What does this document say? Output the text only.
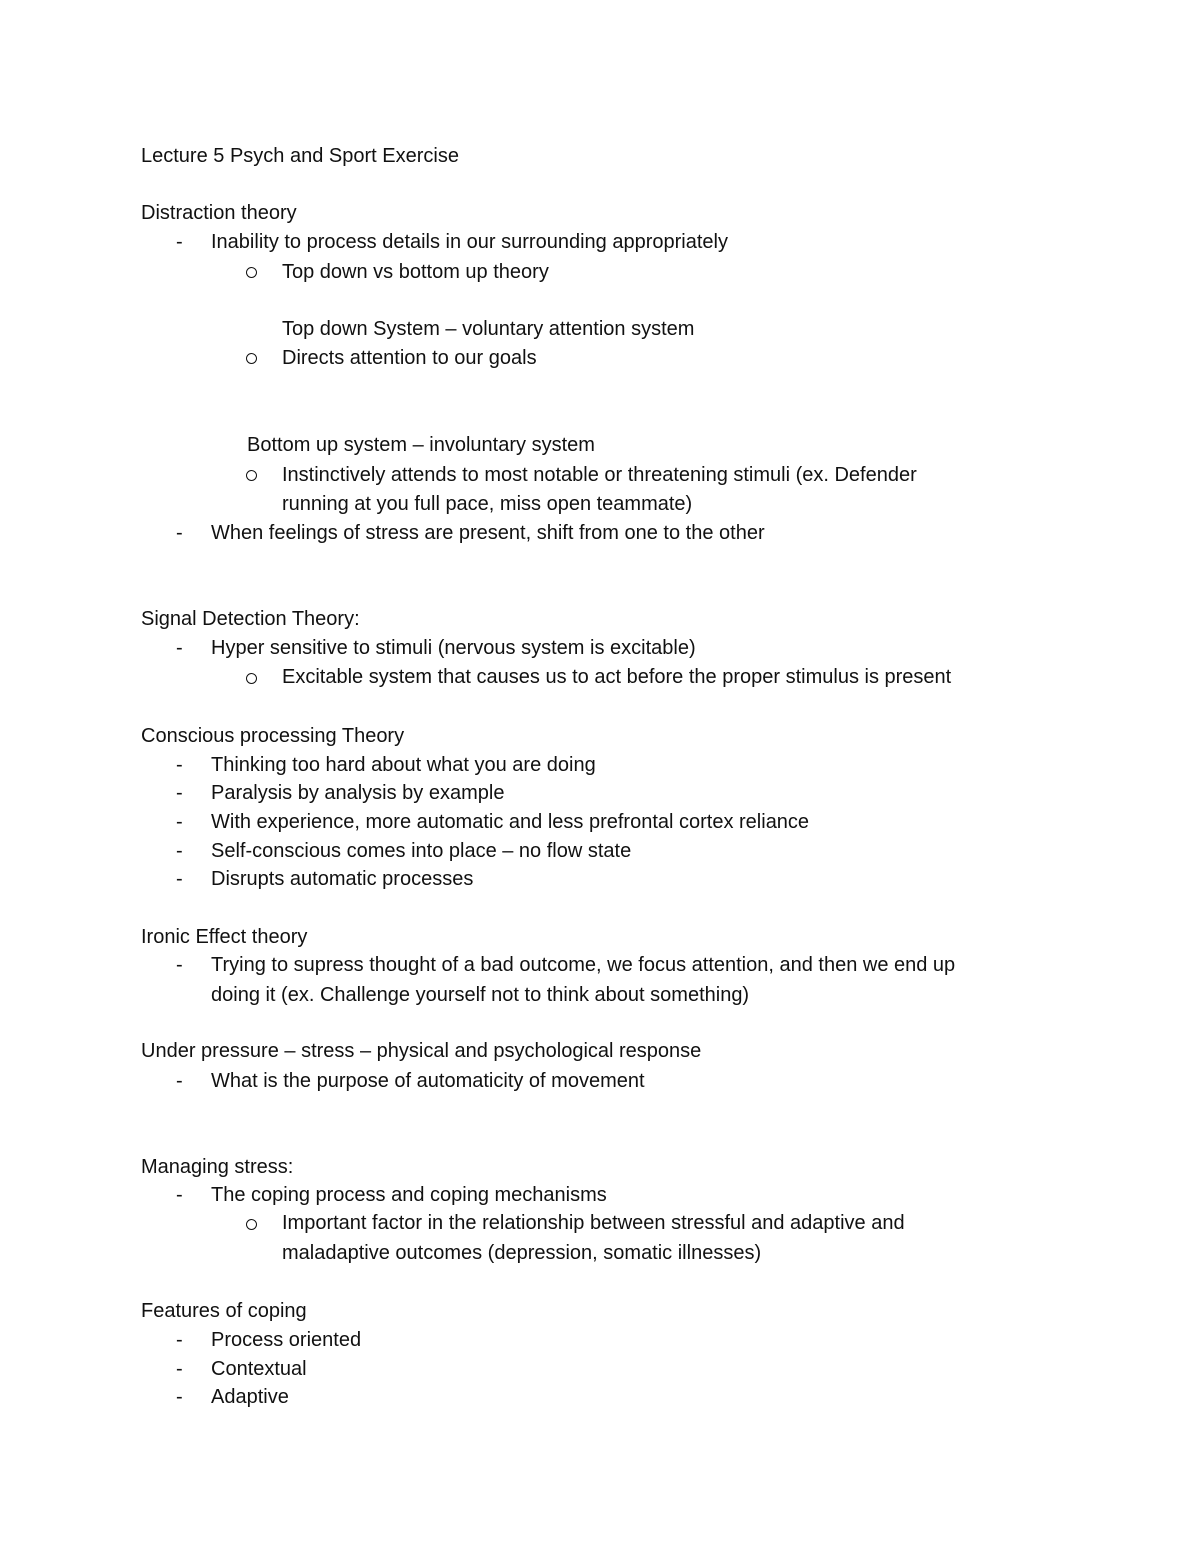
Lecture 5 Psych and Sport Exercise
Distraction theory
- Inability to process details in our surrounding appropriately
Top down vs bottom up theory
Top down System – voluntary attention system
Directs attention to our goals
Bottom up system – involuntary system
Instinctively attends to most notable or threatening stimuli (ex. Defender
running at you full pace, miss open teammate)
- When feelings of stress are present, shift from one to the other
Signal Detection Theory:
- Hyper sensitive to stimuli (nervous system is excitable)
Excitable system that causes us to act before the proper stimulus is present
Conscious processing Theory
- Thinking too hard about what you are doing
- Paralysis by analysis by example
- With experience, more automatic and less prefrontal cortex reliance
- Self-conscious comes into place – no flow state
- Disrupts automatic processes
Ironic Effect theory
- Trying to supress thought of a bad outcome, we focus attention, and then we end up
doing it (ex. Challenge yourself not to think about something)
Under pressure – stress – physical and psychological response
- What is the purpose of automaticity of movement
Managing stress:
- The coping process and coping mechanisms
Important factor in the relationship between stressful and adaptive and
maladaptive outcomes (depression, somatic illnesses)
Features of coping
- Process oriented
- Contextual
- Adaptive
